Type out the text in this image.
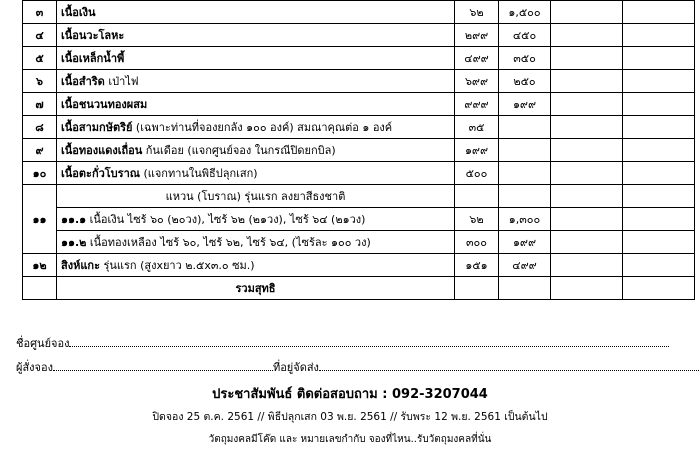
๓	เนื้อเงิน	๖๒	๑,๕๐๐		
๔	เนื้อนวะโลหะ	๒๙๙	๔๕๐		
๕	เนื้อเหล็กน้ำพี้	๔๙๙	๓๕๐		
๖	เนื้อสำริด เป่าไฟ	๖๙๙	๒๕๐		
๗	เนื้อชนวนทองผสม	๙๙๙	๑๙๙		
๘	เนื้อสามกษัตริย์ (เฉพาะท่านที่จองยกลัง ๑๐๐ องค์) สมณาคุณต่อ ๑ องค์	๓๕			
๙	เนื้อทองแดงเถื่อน ก้นเดือย (แจกศูนย์จอง ในกรณีปิดยกบิล)	๑๙๙			
๑๐	เนื้อตะกั่วโบราณ (แจกทานในพิธีปลุกเสก)	๕๐๐			
๑๑	แหวน (โบราณ) รุ่นแรก ลงยาสีธงชาติ				
	๑๑.๑ เนื้อเงิน ไซร้ ๖๐ (๒๐วง), ไซร้ ๖๒ (๒๑วง), ไซร้ ๖๔ (๒๑วง)	๖๒	๑,๓๐๐		
	๑๑.๒ เนื้อทองเหลือง ไซร้ ๖๐, ไซร้ ๖๒, ไซร้ ๖๔, (ไซร้ละ ๑๐๐ วง)	๓๐๐	๑๙๙		
๑๒	สิงห์แกะ รุ่นแรก (สูงxยาว ๒.๕x๓.๐ ซม.)	๑๕๑	๔๙๙		
	รวมสุทธิ				
ชื่อศูนย์จอง
ผู้สั่งจอง	ที่อยู่จัดส่ง
ประชาสัมพันธ์ ติดต่อสอบถาม : 092-3207044
ปิดจอง 25 ต.ค. 2561 // พิธีปลุกเสก 03 พ.ย. 2561 // รับพระ 12 พ.ย. 2561 เป็นต้นไป
วัตถุมงคลมีโค๊ด และ หมายเลขกำกับ จองที่ไหน..รับวัตถุมงคลที่นั่น
